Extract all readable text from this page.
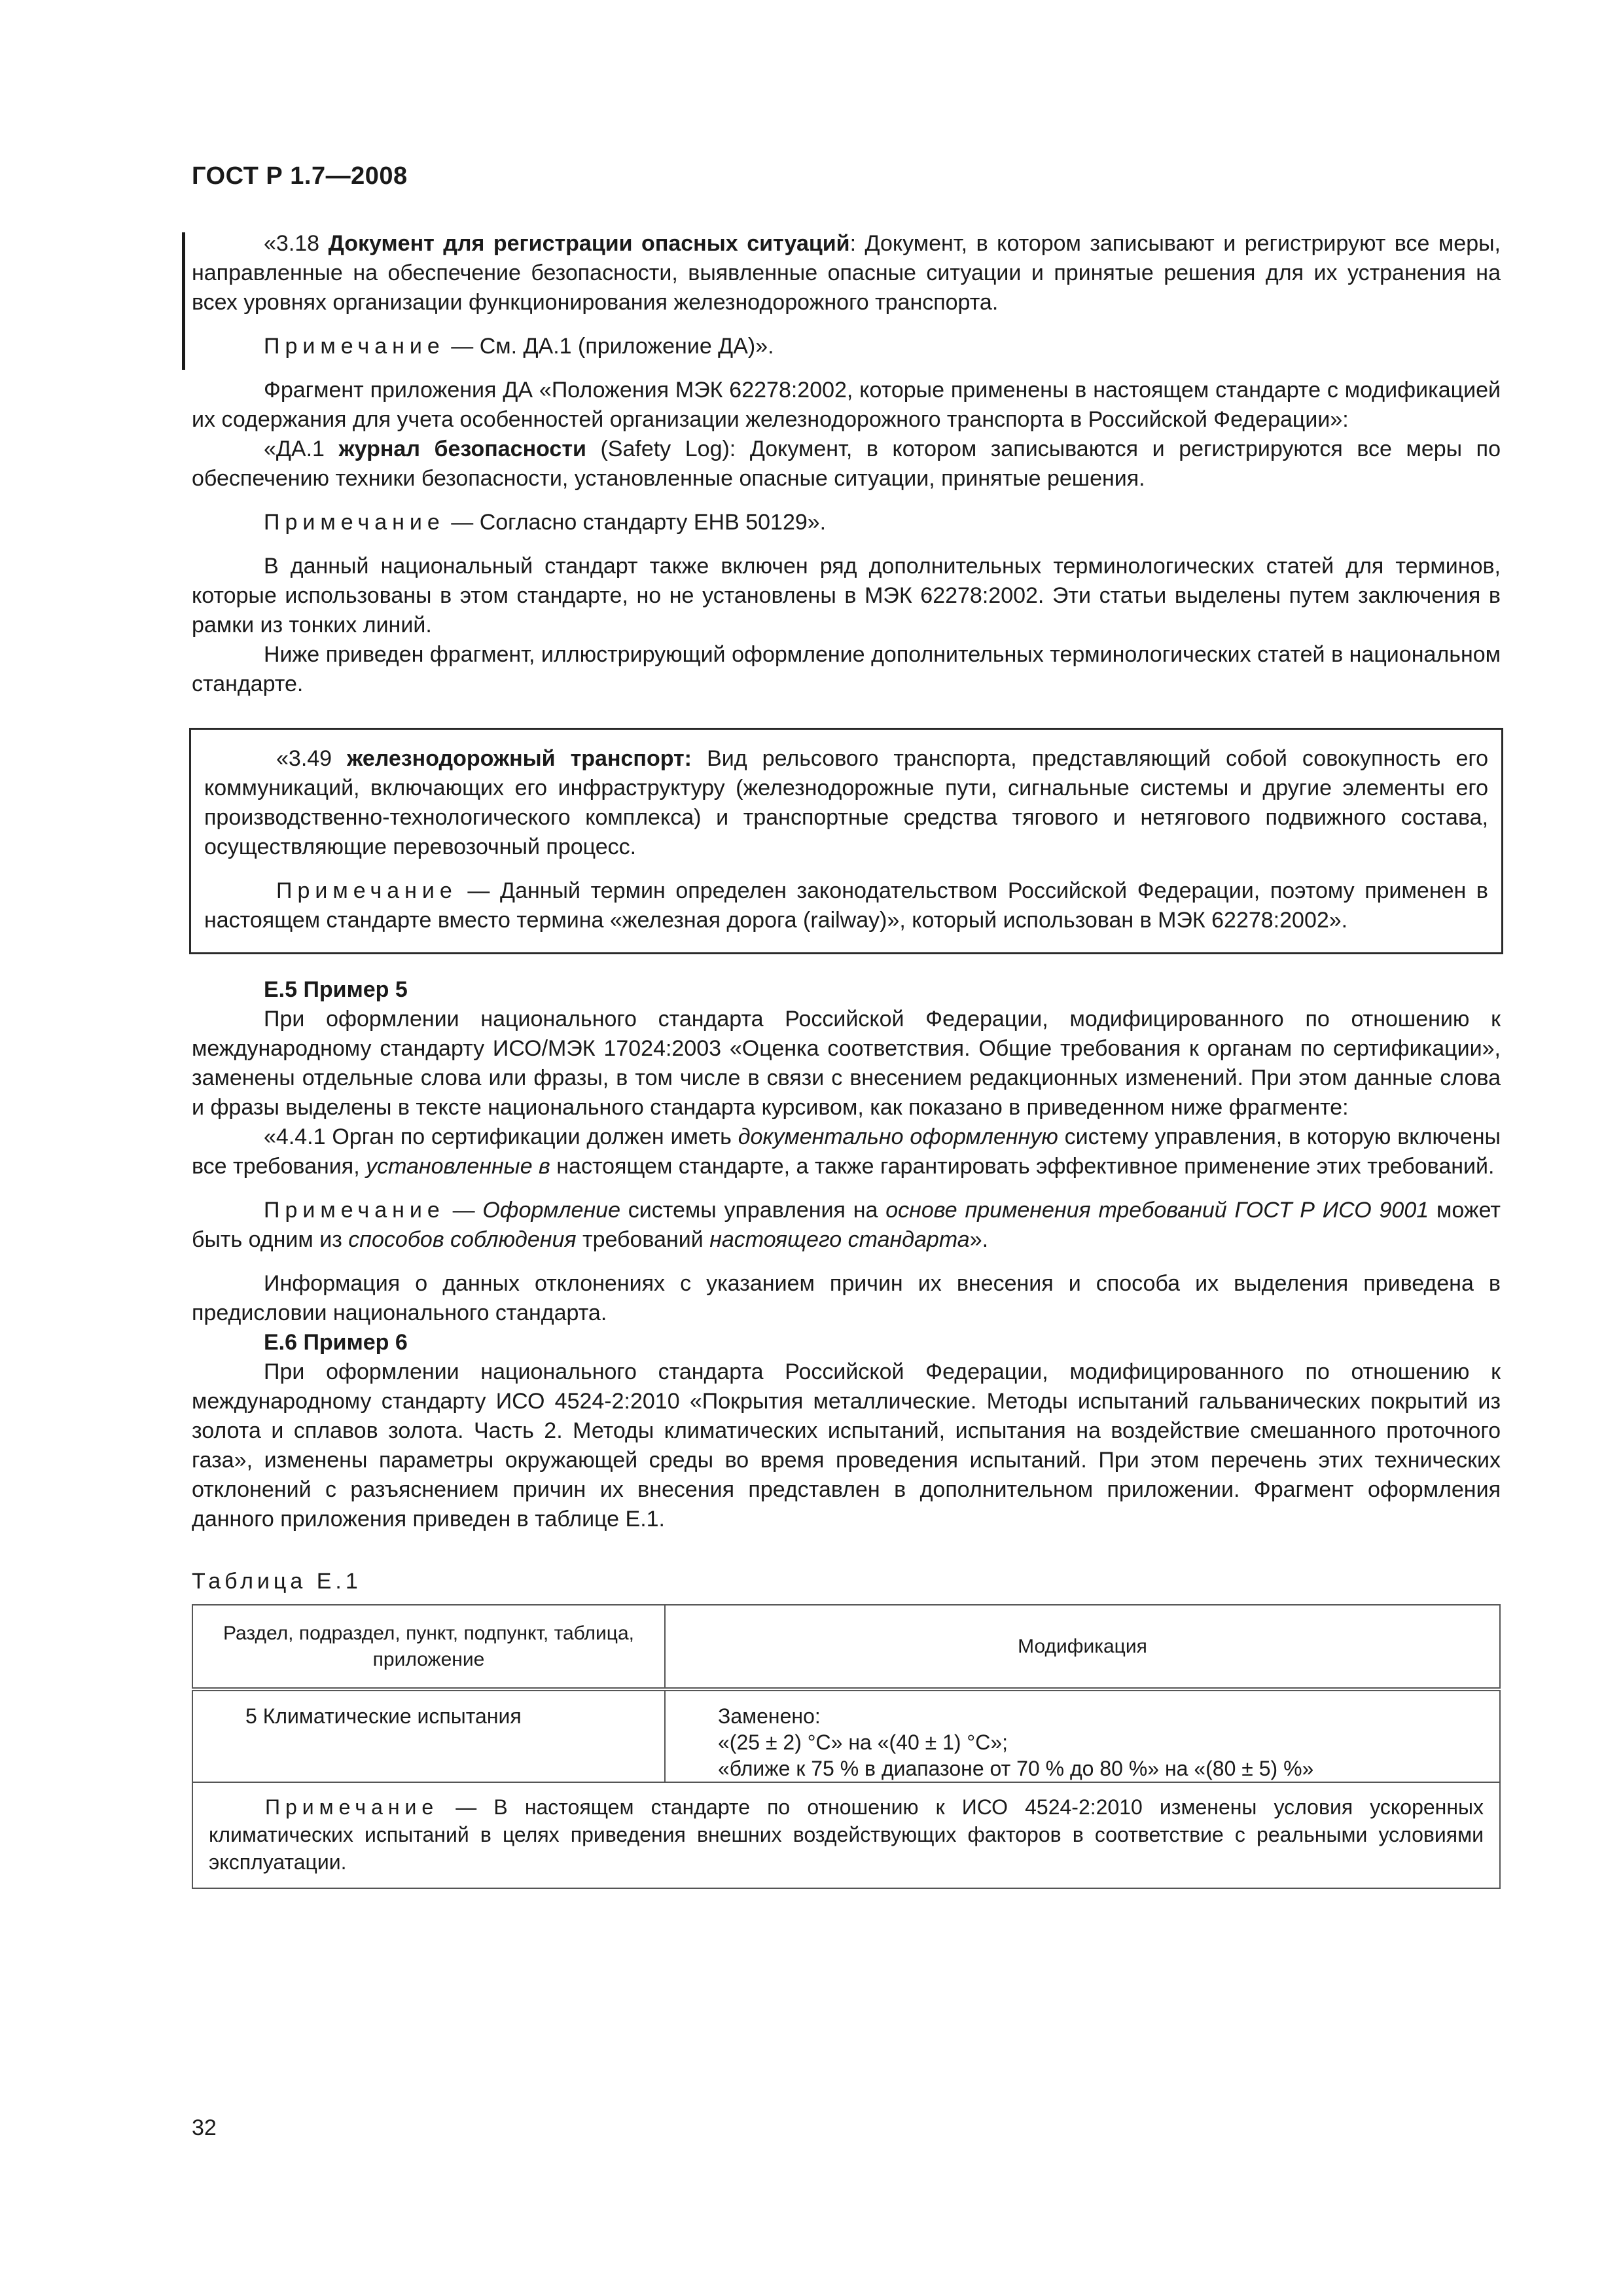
ГОСТ Р 1.7—2008

«3.18 Документ для регистрации опасных ситуаций: Документ, в котором записывают и регистрируют все меры, направленные на обеспечение безопасности, выявленные опасные ситуации и принятые решения для их устранения на всех уровнях организации функционирования железнодорожного транспорта.

Примечание — См. ДА.1 (приложение ДА)».

Фрагмент приложения ДА «Положения МЭК 62278:2002, которые применены в настоящем стандарте с модификацией их содержания для учета особенностей организации железнодорожного транспорта в Российской Федерации»:

«ДА.1 журнал безопасности (Safety Log): Документ, в котором записываются и регистрируются все меры по обеспечению техники безопасности, установленные опасные ситуации, принятые решения.

Примечание — Согласно стандарту ЕНВ 50129».

В данный национальный стандарт также включен ряд дополнительных терминологических статей для терминов, которые использованы в этом стандарте, но не установлены в МЭК 62278:2002. Эти статьи выделены путем заключения в рамки из тонких линий.

Ниже приведен фрагмент, иллюстрирующий оформление дополнительных терминологических статей в национальном стандарте.

«3.49 железнодорожный транспорт: Вид рельсового транспорта, представляющий собой совокупность его коммуникаций, включающих его инфраструктуру (железнодорожные пути, сигнальные системы и другие элементы его производственно-технологического комплекса) и транспортные средства тягового и нетягового подвижного состава, осуществляющие перевозочный процесс.

Примечание — Данный термин определен законодательством Российской Федерации, поэтому применен в настоящем стандарте вместо термина «железная дорога (railway)», который использован в МЭК 62278:2002».

Е.5 Пример 5

При оформлении национального стандарта Российской Федерации, модифицированного по отношению к международному стандарту ИСО/МЭК 17024:2003 «Оценка соответствия. Общие требования к органам по сертификации», заменены отдельные слова или фразы, в том числе в связи с внесением редакционных изменений. При этом данные слова и фразы выделены в тексте национального стандарта курсивом, как показано в приведенном ниже фрагменте:

«4.4.1 Орган по сертификации должен иметь документально оформленную систему управления, в которую включены все требования, установленные в настоящем стандарте, а также гарантировать эффективное применение этих требований.

Примечание — Оформление системы управления на основе применения требований ГОСТ Р ИСО 9001 может быть одним из способов соблюдения требований настоящего стандарта».

Информация о данных отклонениях с указанием причин их внесения и способа их выделения приведена в предисловии национального стандарта.

Е.6 Пример 6

При оформлении национального стандарта Российской Федерации, модифицированного по отношению к международному стандарту ИСО 4524-2:2010 «Покрытия металлические. Методы испытаний гальванических покрытий из золота и сплавов золота. Часть 2. Методы климатических испытаний, испытания на воздействие смешанного проточного газа», изменены параметры окружающей среды во время проведения испытаний. При этом перечень этих технических отклонений с разъяснением причин их внесения представлен в дополнительном приложении. Фрагмент оформления данного приложения приведен в таблице Е.1.

Таблица Е.1

Раздел, подраздел, пункт, подпункт, таблица, приложение	Модификация
5 Климатические испытания	Заменено:
«(25 ± 2) °C» на «(40 ± 1) °C»;
«ближе к 75 % в диапазоне от 70 % до 80 %» на «(80 ± 5) %»

Примечание — В настоящем стандарте по отношению к ИСО 4524-2:2010 изменены условия ускоренных климатических испытаний в целях приведения внешних воздействующих факторов в соответствие с реальными условиями эксплуатации.	
32
